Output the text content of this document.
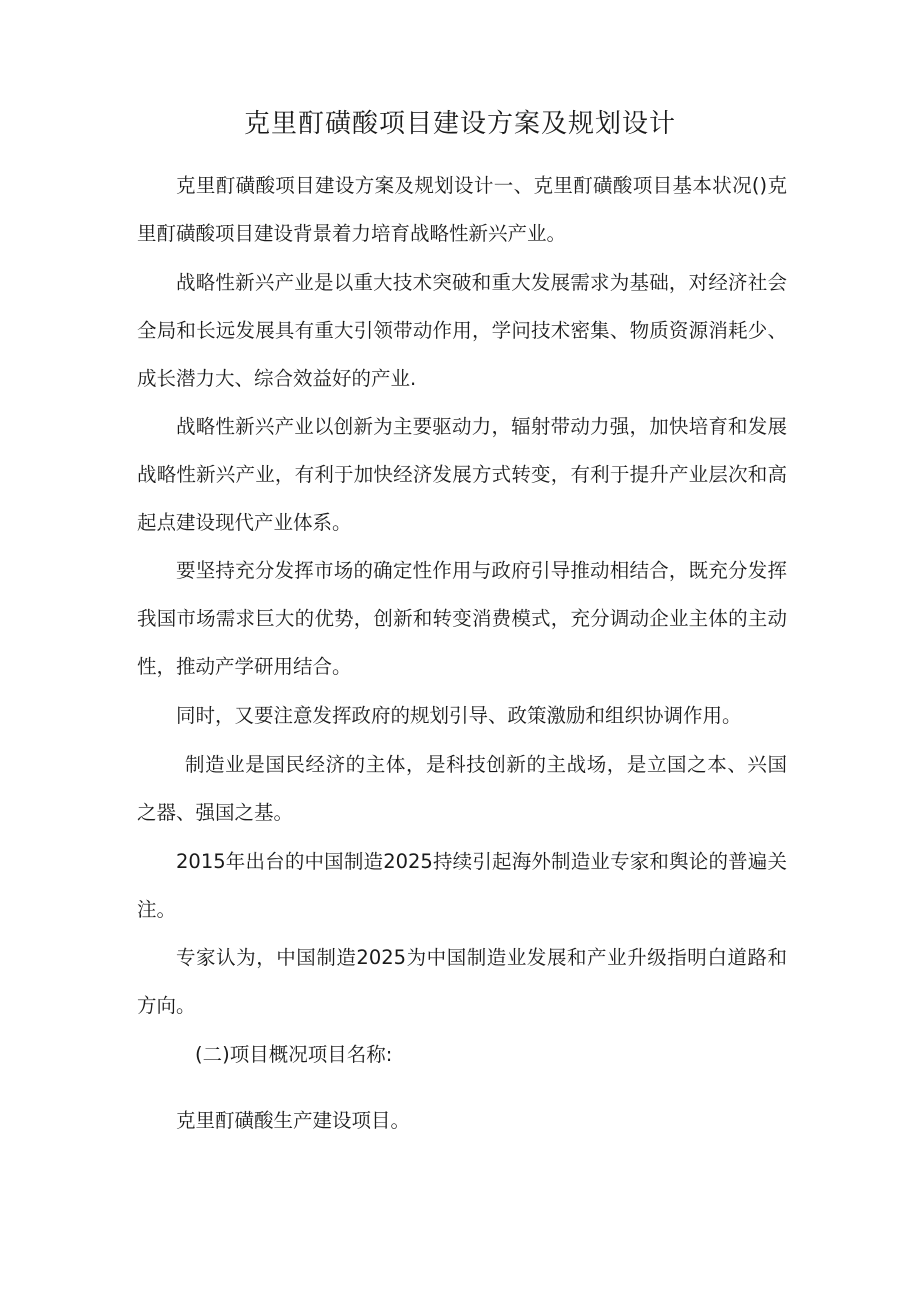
克里酊磺酸项目建设方案及规划设计

克里酊磺酸项目建设方案及规划设计一、克里酊磺酸项目基本状况()克里酊磺酸项目建设背景着力培育战略性新兴产业。

战略性新兴产业是以重大技术突破和重大发展需求为基础，对经济社会全局和长远发展具有重大引领带动作用，学问技术密集、物质资源消耗少、成长潜力大、综合效益好的产业.

战略性新兴产业以创新为主要驱动力，辐射带动力强，加快培育和发展战略性新兴产业，有利于加快经济发展方式转变，有利于提升产业层次和高起点建设现代产业体系。

要坚持充分发挥市场的确定性作用与政府引导推动相结合，既充分发挥我国市场需求巨大的优势，创新和转变消费模式，充分调动企业主体的主动性，推动产学研用结合。

同时，又要注意发挥政府的规划引导、政策激励和组织协调作用。

制造业是国民经济的主体，是科技创新的主战场，是立国之本、兴国之器、强国之基。

2015年出台的中国制造2025持续引起海外制造业专家和舆论的普遍关注。

专家认为，中国制造2025为中国制造业发展和产业升级指明白道路和方向。

(二)项目概况项目名称:

克里酊磺酸生产建设项目。
